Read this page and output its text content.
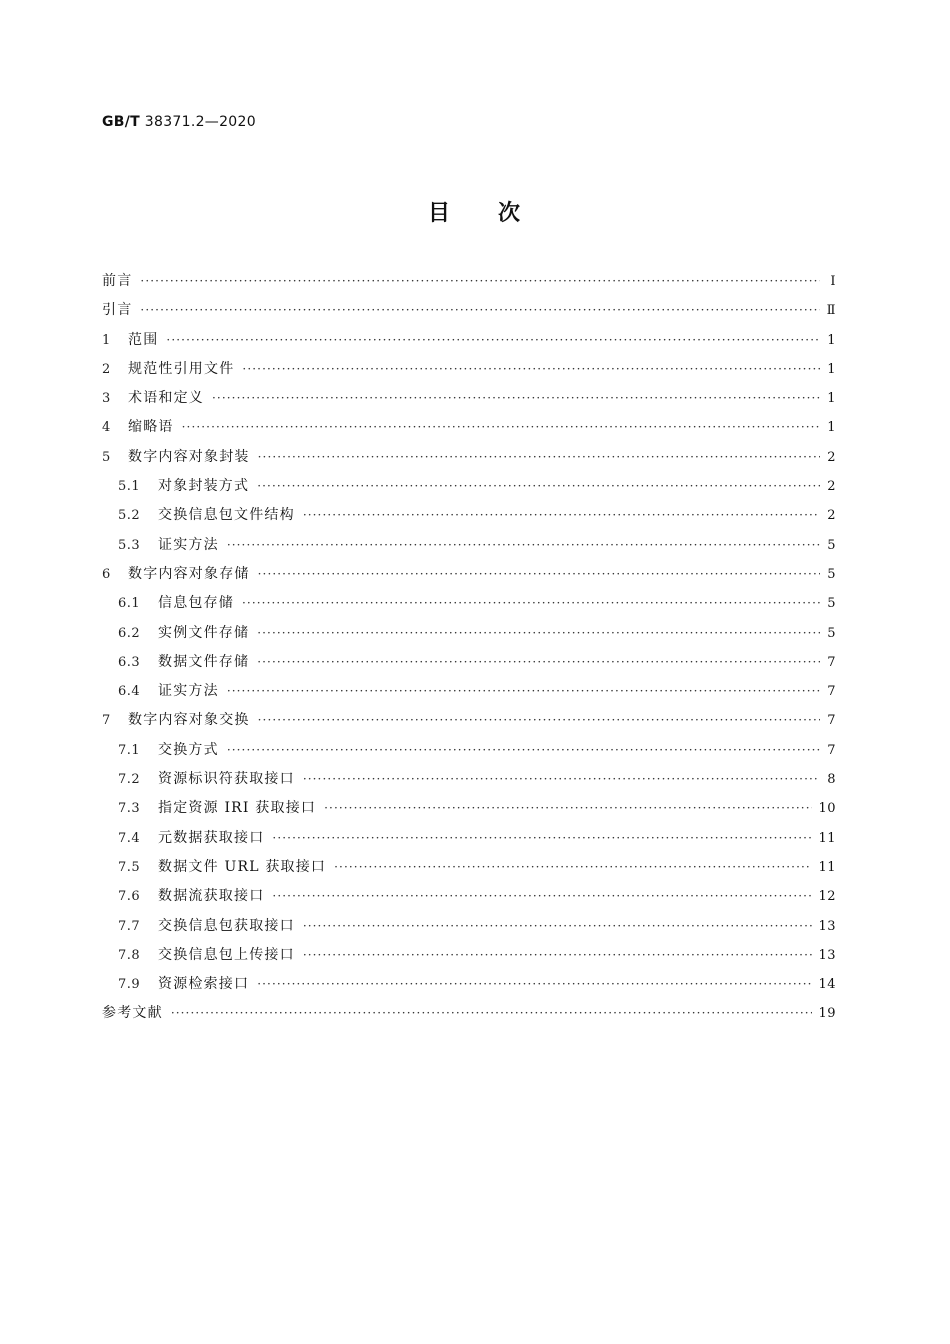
GB/T 38371.2—2020
目 次
前言 ·····	Ⅰ
引言 ·····	Ⅱ
1	范围 ·····	1
2	规范性引用文件 ·····	1
3	术语和定义 ·····	1
4	缩略语 ·····	1
5	数字内容对象封装 ·····	2
5.1	对象封装方式 ·····	2
5.2	交换信息包文件结构 ·····	2
5.3	证实方法 ·····	5
6	数字内容对象存储 ·····	5
6.1	信息包存储 ·····	5
6.2	实例文件存储 ·····	5
6.3	数据文件存储 ·····	7
6.4	证实方法 ·····	7
7	数字内容对象交换 ·····	7
7.1	交换方式 ·····	7
7.2	资源标识符获取接口 ·····	8
7.3	指定资源 IRI 获取接口 ·····	10
7.4	元数据获取接口 ·····	11
7.5	数据文件 URL 获取接口 ·····	11
7.6	数据流获取接口 ·····	12
7.7	交换信息包获取接口 ·····	13
7.8	交换信息包上传接口 ·····	13
7.9	资源检索接口 ·····	14
参考文献 ·····	19
